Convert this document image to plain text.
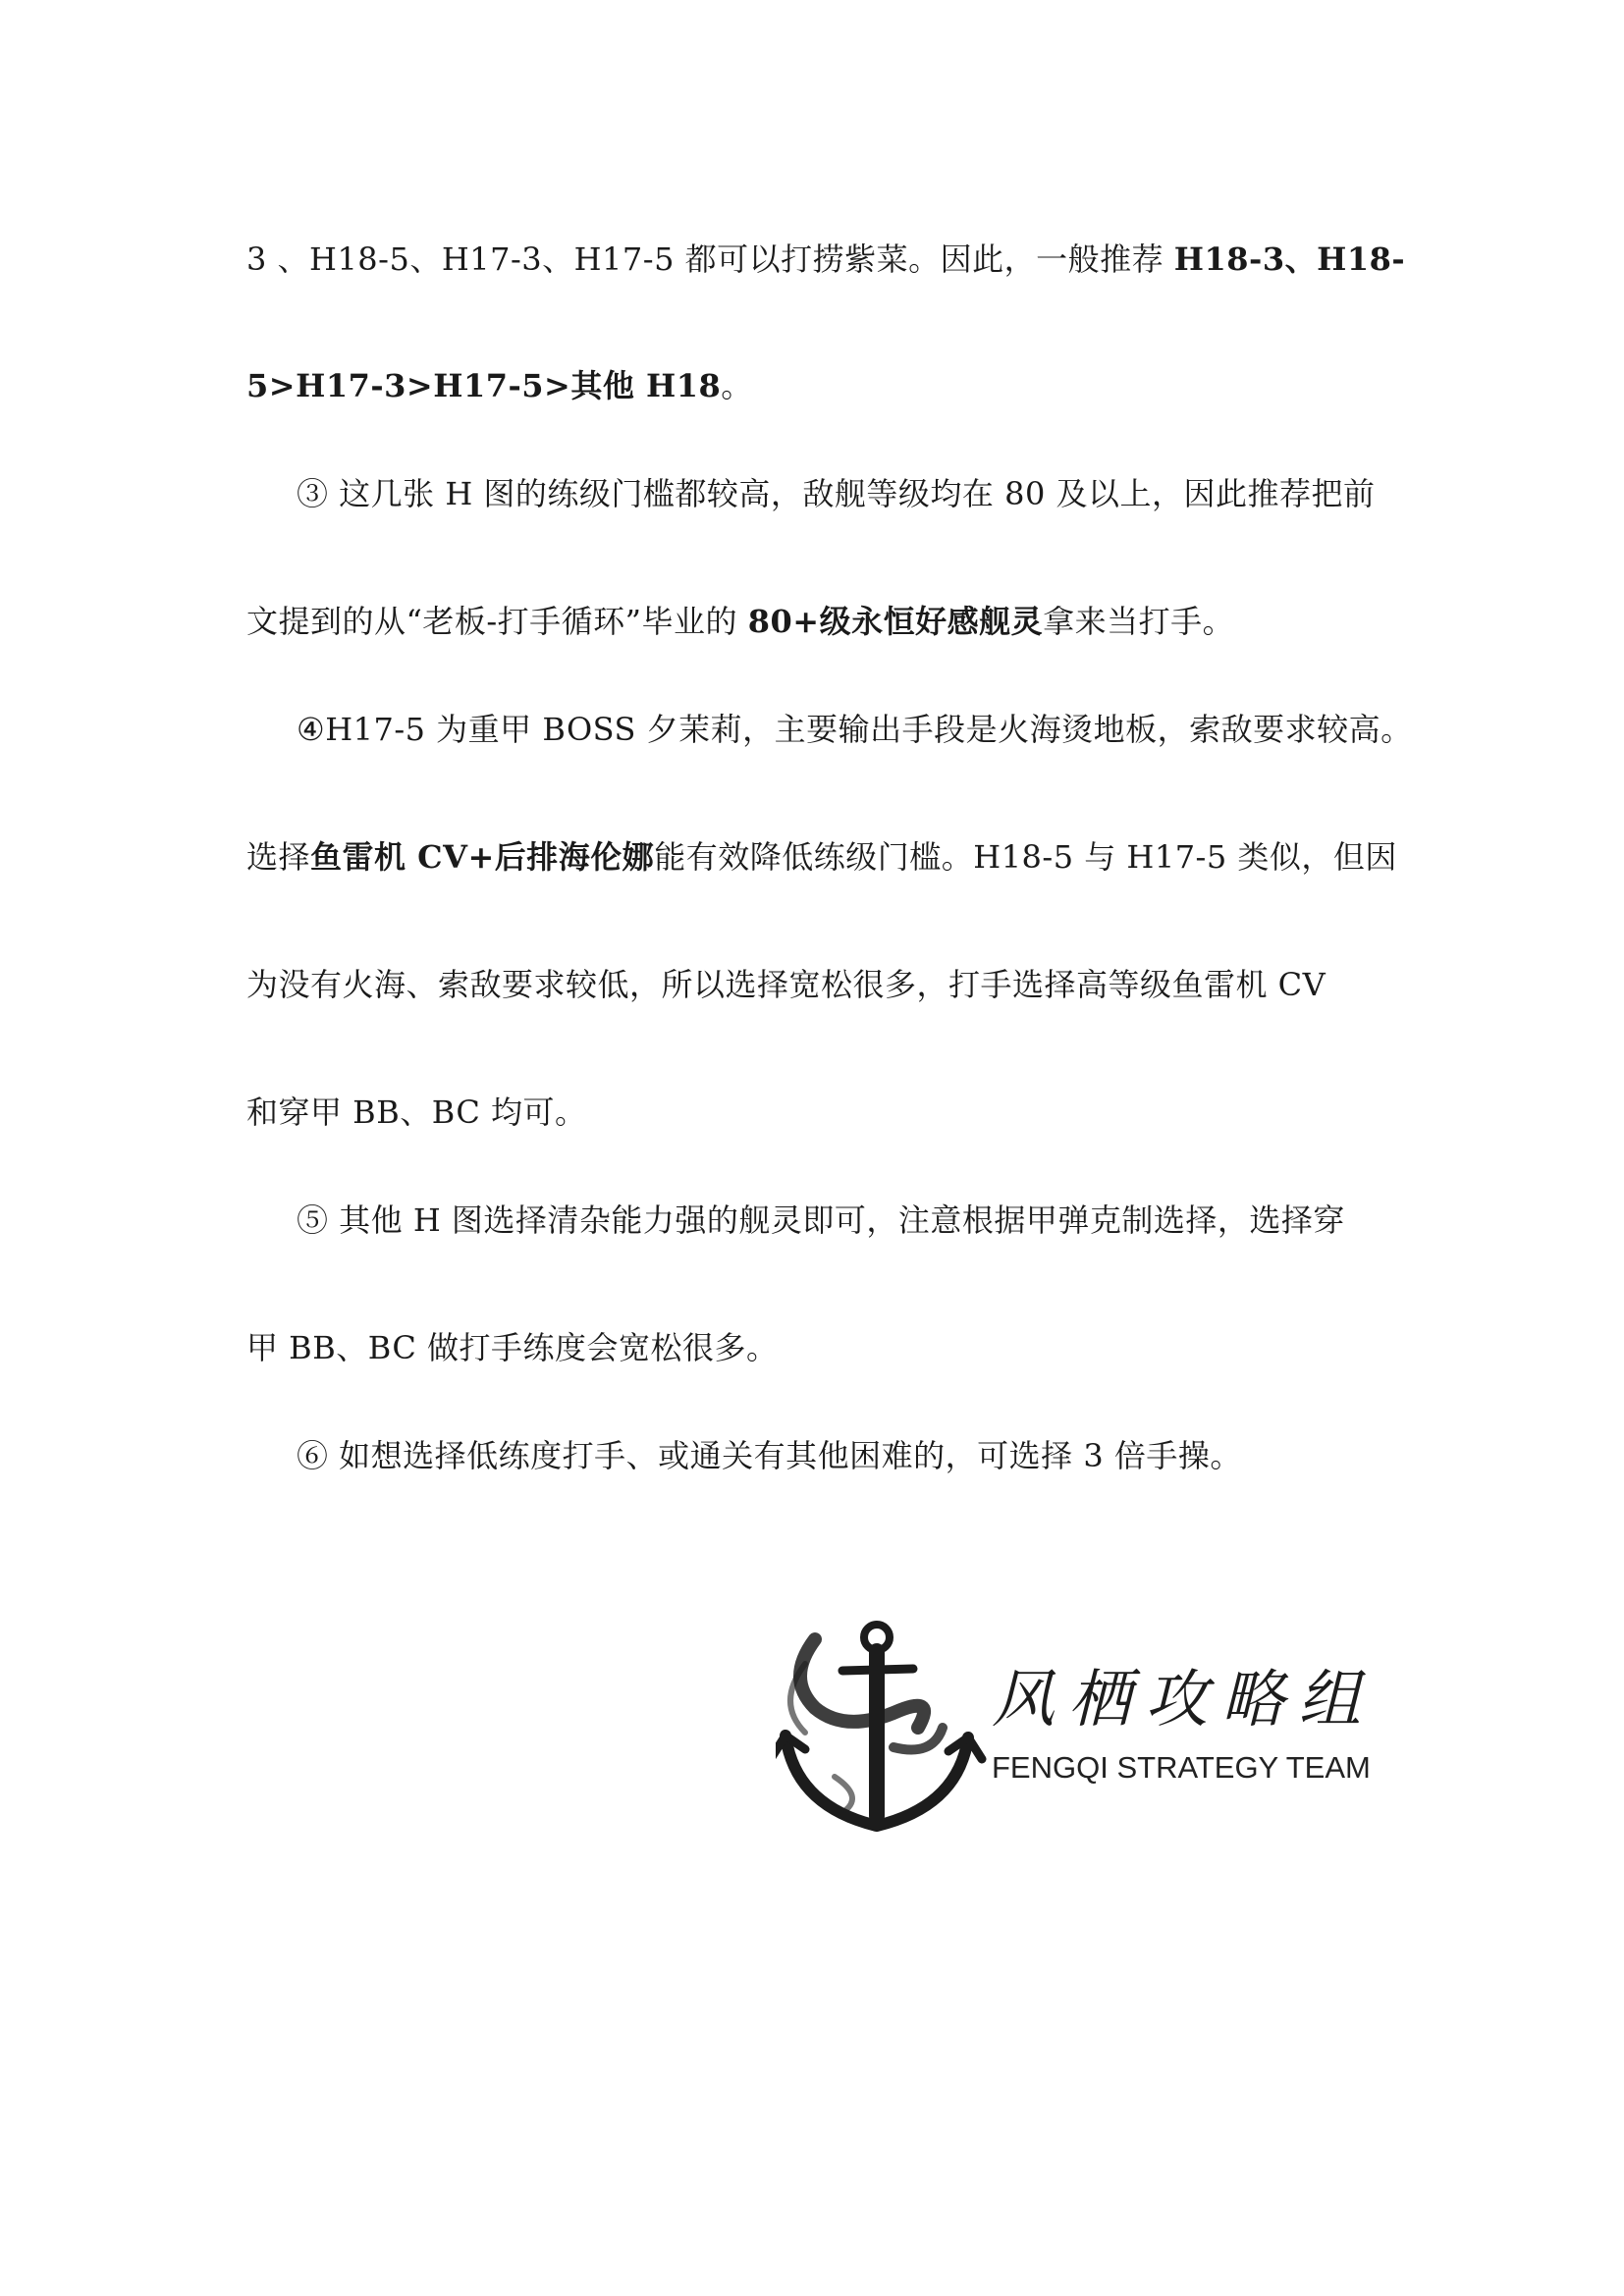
3 、H18-5、H17-3、H17-5 都可以打捞紫菜。因此，一般推荐 H18-3、H18-
5>H17-3>H17-5>其他 H18。
③ 这几张 H 图的练级门槛都较高，敌舰等级均在 80 及以上，因此推荐把前
文提到的从“老板-打手循环”毕业的 80+级永恒好感舰灵拿来当打手。
④H17-5 为重甲 BOSS 夕茉莉，主要输出手段是火海烫地板，索敌要求较高。
选择鱼雷机 CV+后排海伦娜能有效降低练级门槛。H18-5 与 H17-5 类似，但因
为没有火海、索敌要求较低，所以选择宽松很多，打手选择高等级鱼雷机 CV
和穿甲 BB、BC 均可。
⑤ 其他 H 图选择清杂能力强的舰灵即可，注意根据甲弹克制选择，选择穿
甲 BB、BC 做打手练度会宽松很多。
⑥ 如想选择低练度打手、或通关有其他困难的，可选择 3 倍手操。
风栖攻略组
FENGQI STRATEGY TEAM
